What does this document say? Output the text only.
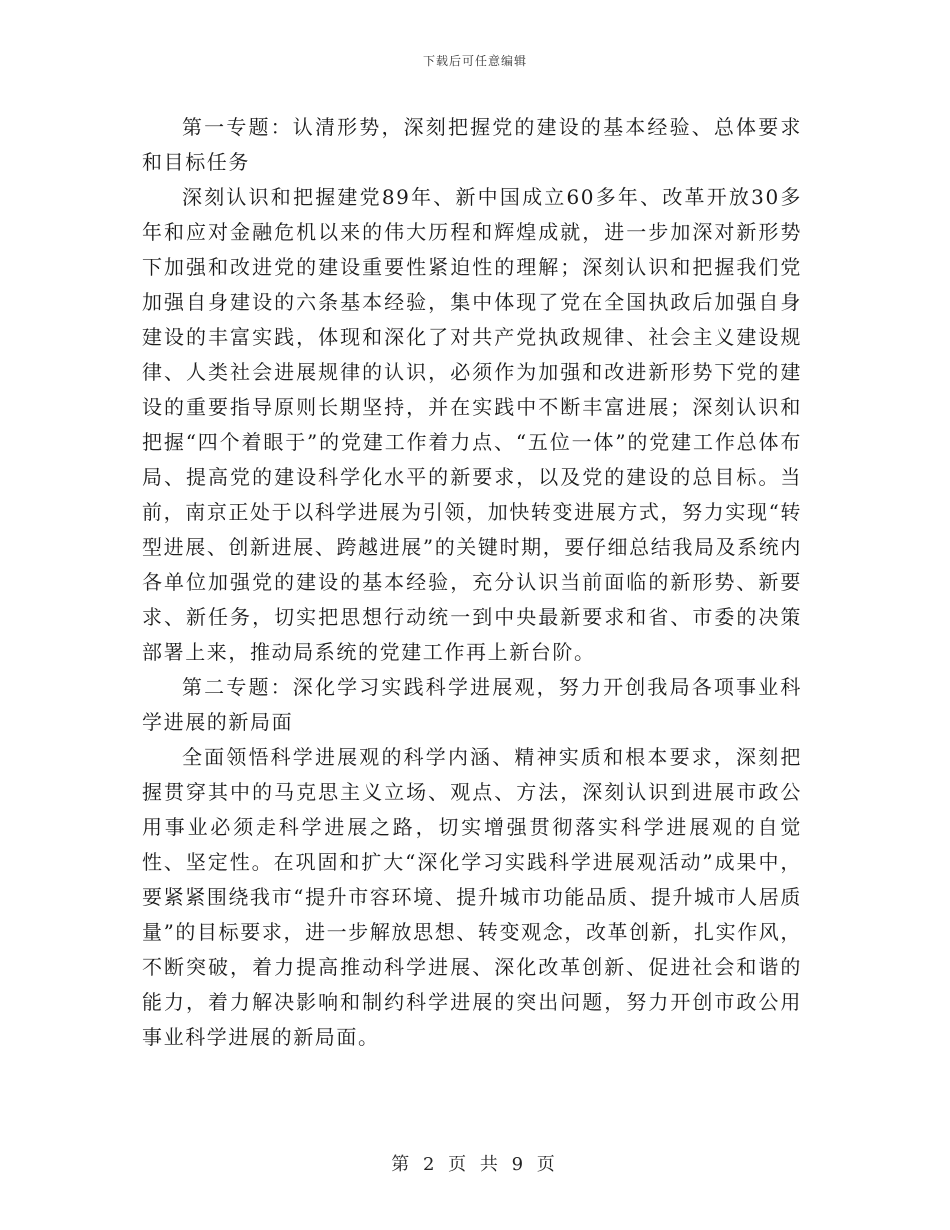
下载后可任意编辑

第一专题：认清形势，深刻把握党的建设的基本经验、总体要求和目标任务

深刻认识和把握建党89年、新中国成立60多年、改革开放30多年和应对金融危机以来的伟大历程和辉煌成就，进一步加深对新形势下加强和改进党的建设重要性紧迫性的理解；深刻认识和把握我们党加强自身建设的六条基本经验，集中体现了党在全国执政后加强自身建设的丰富实践，体现和深化了对共产党执政规律、社会主义建设规律、人类社会进展规律的认识，必须作为加强和改进新形势下党的建设的重要指导原则长期坚持，并在实践中不断丰富进展；深刻认识和把握“四个着眼于”的党建工作着力点、“五位一体”的党建工作总体布局、提高党的建设科学化水平的新要求，以及党的建设的总目标。当前，南京正处于以科学进展为引领，加快转变进展方式，努力实现“转型进展、创新进展、跨越进展”的关键时期，要仔细总结我局及系统内各单位加强党的建设的基本经验，充分认识当前面临的新形势、新要求、新任务，切实把思想行动统一到中央最新要求和省、市委的决策部署上来，推动局系统的党建工作再上新台阶。

第二专题：深化学习实践科学进展观，努力开创我局各项事业科学进展的新局面

全面领悟科学进展观的科学内涵、精神实质和根本要求，深刻把握贯穿其中的马克思主义立场、观点、方法，深刻认识到进展市政公用事业必须走科学进展之路，切实增强贯彻落实科学进展观的自觉性、坚定性。在巩固和扩大“深化学习实践科学进展观活动”成果中，要紧紧围绕我市“提升市容环境、提升城市功能品质、提升城市人居质量”的目标要求，进一步解放思想、转变观念，改革创新，扎实作风，不断突破，着力提高推动科学进展、深化改革创新、促进社会和谐的能力，着力解决影响和制约科学进展的突出问题，努力开创市政公用事业科学进展的新局面。

第 2 页 共 9 页
